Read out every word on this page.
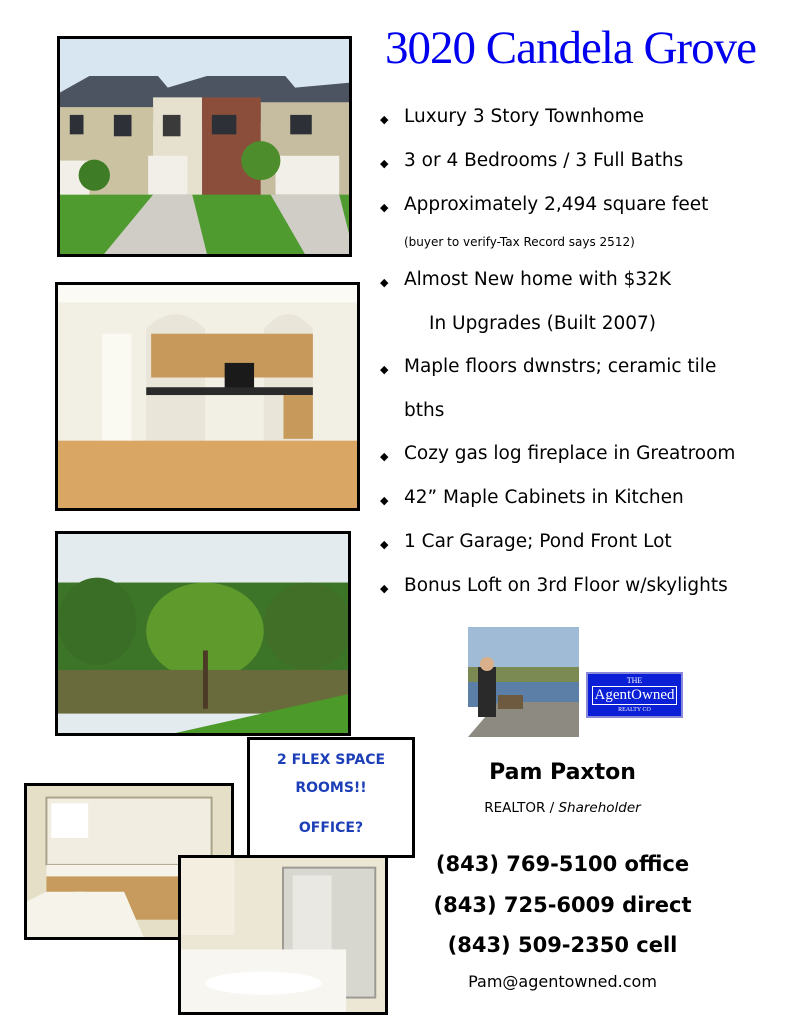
3020 Candela Grove
2 FLEX SPACE
ROOMS!!
OFFICE?
◆ Luxury 3 Story Townhome
◆ 3 or 4 Bedrooms / 3 Full Baths
◆ Approximately 2,494 square feet
(buyer to verify-Tax Record says 2512)
◆ Almost New home with $32K
In Upgrades (Built 2007)
◆ Maple floors dwnstrs; ceramic tile
bths
◆ Cozy gas log fireplace in Greatroom
◆ 42” Maple Cabinets in Kitchen
◆ 1 Car Garage; Pond Front Lot
◆ Bonus Loft on 3rd Floor w/skylights
THE
AgentOwned
REALTY CO
Pam Paxton
REALTOR / Shareholder
(843) 769-5100 office
(843) 725-6009 direct
(843) 509-2350 cell
Pam@agentowned.com
